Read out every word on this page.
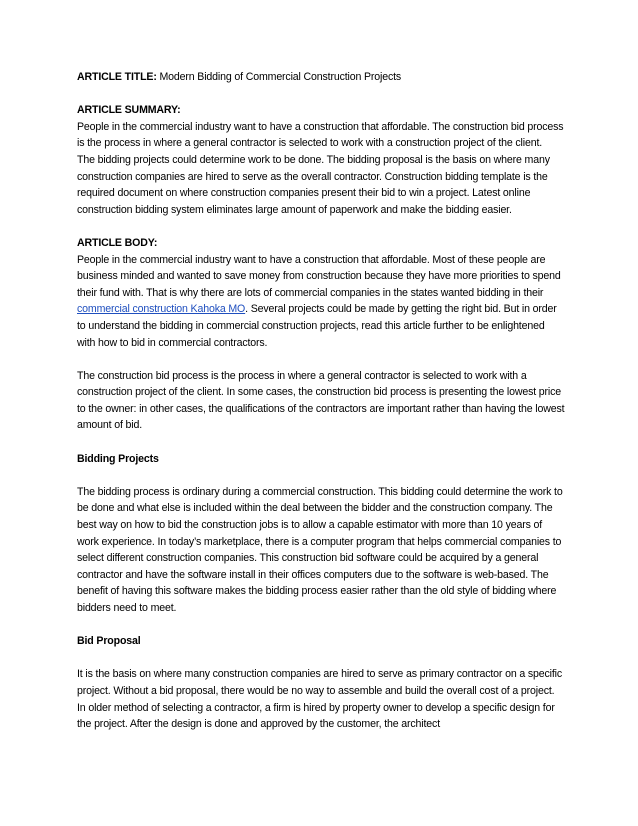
ARTICLE TITLE: Modern Bidding of Commercial Construction Projects

ARTICLE SUMMARY:

People in the commercial industry want to have a construction that affordable. The construction bid process is the process in where a general contractor is selected to work with a construction project of the client.

The bidding projects could determine work to be done. The bidding proposal is the basis on where many construction companies are hired to serve as the overall contractor. Construction bidding template is the required document on where construction companies present their bid to win a project. Latest online construction bidding system eliminates large amount of paperwork and make the bidding easier.

ARTICLE BODY:

People in the commercial industry want to have a construction that affordable. Most of these people are business minded and wanted to save money from construction because they have more priorities to spend their fund with. That is why there are lots of commercial companies in the states wanted bidding in their commercial construction Kahoka MO. Several projects could be made by getting the right bid. But in order to understand the bidding in commercial construction projects, read this article further to be enlightened with how to bid in commercial contractors.

The construction bid process is the process in where a general contractor is selected to work with a construction project of the client. In some cases, the construction bid process is presenting the lowest price to the owner: in other cases, the qualifications of the contractors are important rather than having the lowest amount of bid.

Bidding Projects

The bidding process is ordinary during a commercial construction. This bidding could determine the work to be done and what else is included within the deal between the bidder and the construction company. The best way on how to bid the construction jobs is to allow a capable estimator with more than 10 years of work experience. In today’s marketplace, there is a computer program that helps commercial companies to select different construction companies. This construction bid software could be acquired by a general contractor and have the software install in their offices computers due to the software is web-based. The benefit of having this software makes the bidding process easier rather than the old style of bidding where bidders need to meet.

Bid Proposal

It is the basis on where many construction companies are hired to serve as primary contractor on a specific project. Without a bid proposal, there would be no way to assemble and build the overall cost of a project. In older method of selecting a contractor, a firm is hired by property owner to develop a specific design for the project. After the design is done and approved by the customer, the architect
